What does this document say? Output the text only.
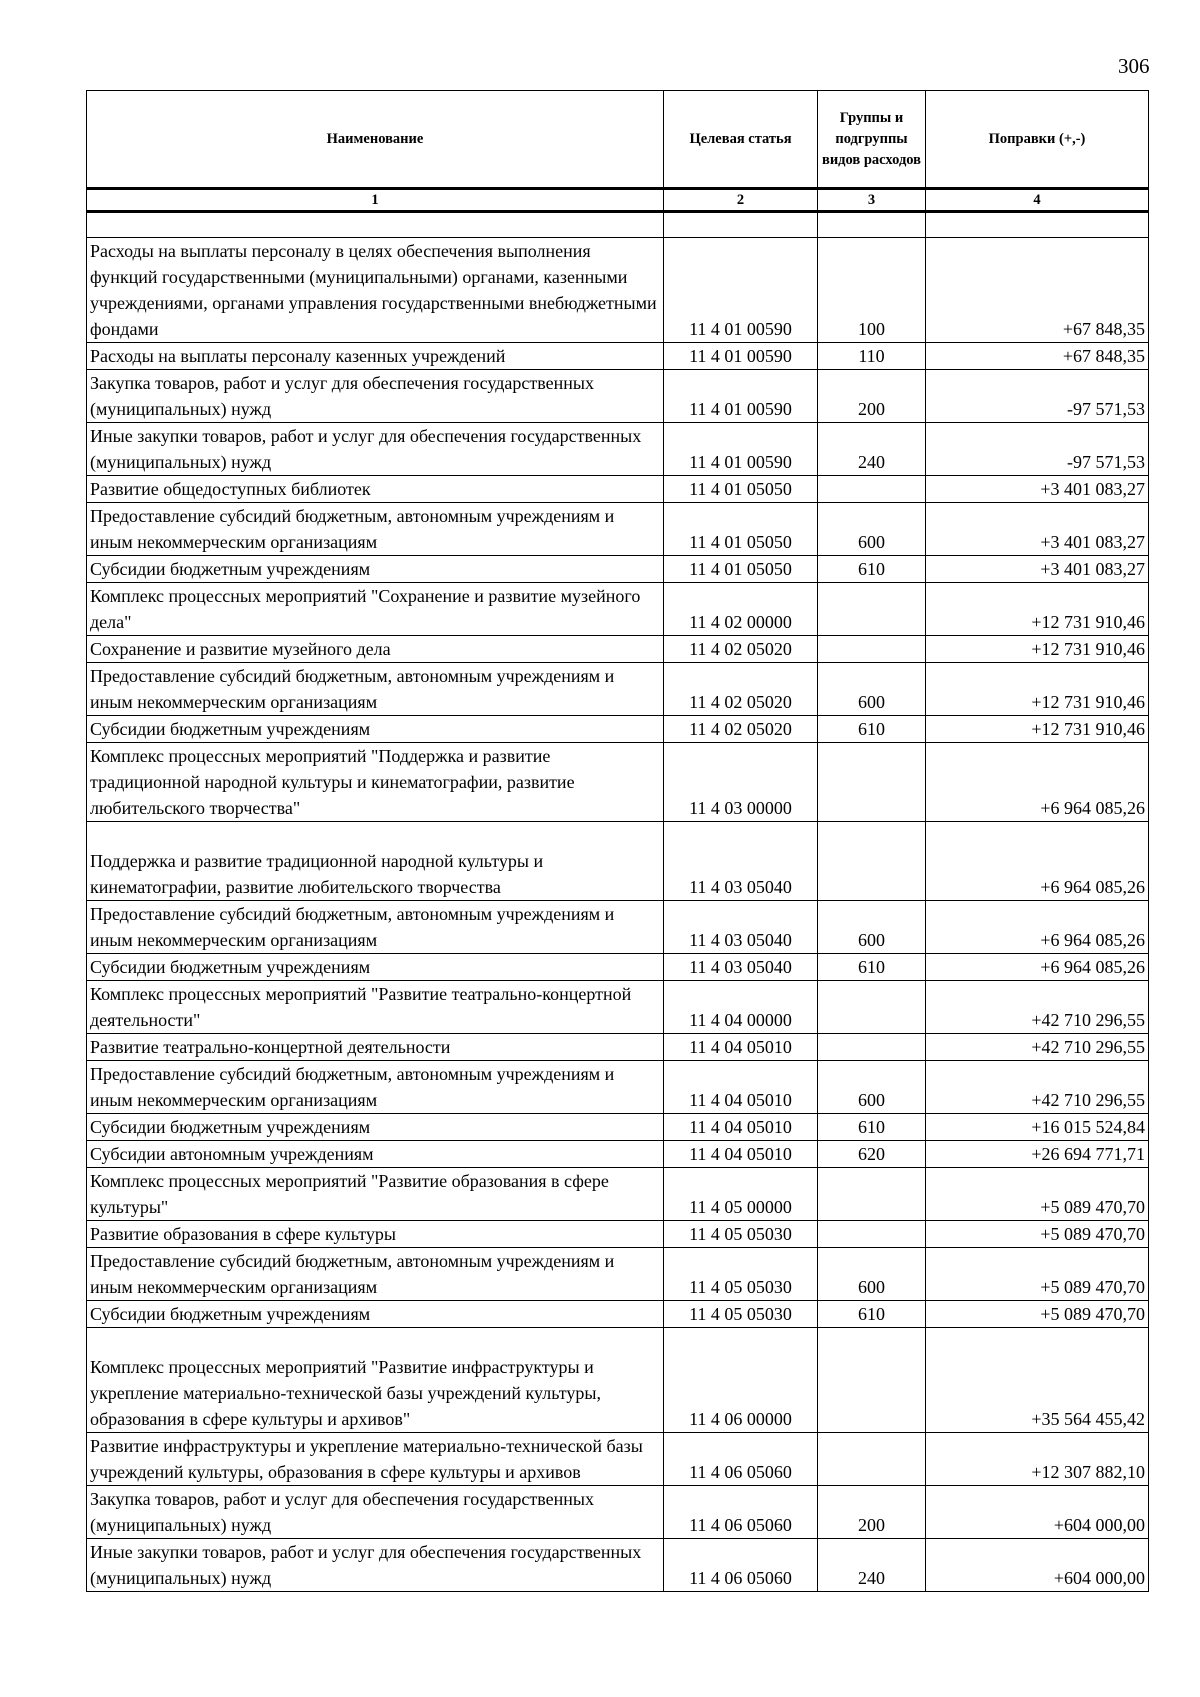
306
Наименование	Целевая статья	Группы и подгруппы видов расходов	Поправки (+,-)
1	2	3	4

Расходы на выплаты персоналу в целях обеспечения выполнения функций государственными (муниципальными) органами, казенными учреждениями, органами управления государственными внебюджетными фондами	11 4 01 00590	100	+67 848,35
Расходы на выплаты персоналу казенных учреждений	11 4 01 00590	110	+67 848,35
Закупка товаров, работ и услуг для обеспечения государственных (муниципальных) нужд	11 4 01 00590	200	-97 571,53
Иные закупки товаров, работ и услуг для обеспечения государственных (муниципальных) нужд	11 4 01 00590	240	-97 571,53
Развитие общедоступных библиотек	11 4 01 05050		+3 401 083,27
Предоставление субсидий бюджетным, автономным учреждениям и иным некоммерческим организациям	11 4 01 05050	600	+3 401 083,27
Субсидии бюджетным учреждениям	11 4 01 05050	610	+3 401 083,27
Комплекс процессных мероприятий "Сохранение и развитие музейного дела"	11 4 02 00000		+12 731 910,46
Сохранение и развитие музейного дела	11 4 02 05020		+12 731 910,46
Предоставление субсидий бюджетным, автономным учреждениям и иным некоммерческим организациям	11 4 02 05020	600	+12 731 910,46
Субсидии бюджетным учреждениям	11 4 02 05020	610	+12 731 910,46
Комплекс процессных мероприятий "Поддержка и развитие традиционной народной культуры и кинематографии, развитие любительского творчества"	11 4 03 00000		+6 964 085,26
Поддержка и развитие традиционной народной культуры и кинематографии, развитие любительского творчества	11 4 03 05040		+6 964 085,26
Предоставление субсидий бюджетным, автономным учреждениям и иным некоммерческим организациям	11 4 03 05040	600	+6 964 085,26
Субсидии бюджетным учреждениям	11 4 03 05040	610	+6 964 085,26
Комплекс процессных мероприятий "Развитие театрально-концертной деятельности"	11 4 04 00000		+42 710 296,55
Развитие театрально-концертной деятельности	11 4 04 05010		+42 710 296,55
Предоставление субсидий бюджетным, автономным учреждениям и иным некоммерческим организациям	11 4 04 05010	600	+42 710 296,55
Субсидии бюджетным учреждениям	11 4 04 05010	610	+16 015 524,84
Субсидии автономным учреждениям	11 4 04 05010	620	+26 694 771,71
Комплекс процессных мероприятий "Развитие образования в сфере культуры"	11 4 05 00000		+5 089 470,70
Развитие образования в сфере культуры	11 4 05 05030		+5 089 470,70
Предоставление субсидий бюджетным, автономным учреждениям и иным некоммерческим организациям	11 4 05 05030	600	+5 089 470,70
Субсидии бюджетным учреждениям	11 4 05 05030	610	+5 089 470,70
Комплекс процессных мероприятий "Развитие инфраструктуры и укрепление материально-технической базы учреждений культуры, образования в сфере культуры и архивов"	11 4 06 00000		+35 564 455,42
Развитие инфраструктуры и укрепление материально-технической базы учреждений культуры, образования в сфере культуры и архивов	11 4 06 05060		+12 307 882,10
Закупка товаров, работ и услуг для обеспечения государственных (муниципальных) нужд	11 4 06 05060	200	+604 000,00
Иные закупки товаров, работ и услуг для обеспечения государственных (муниципальных) нужд	11 4 06 05060	240	+604 000,00
